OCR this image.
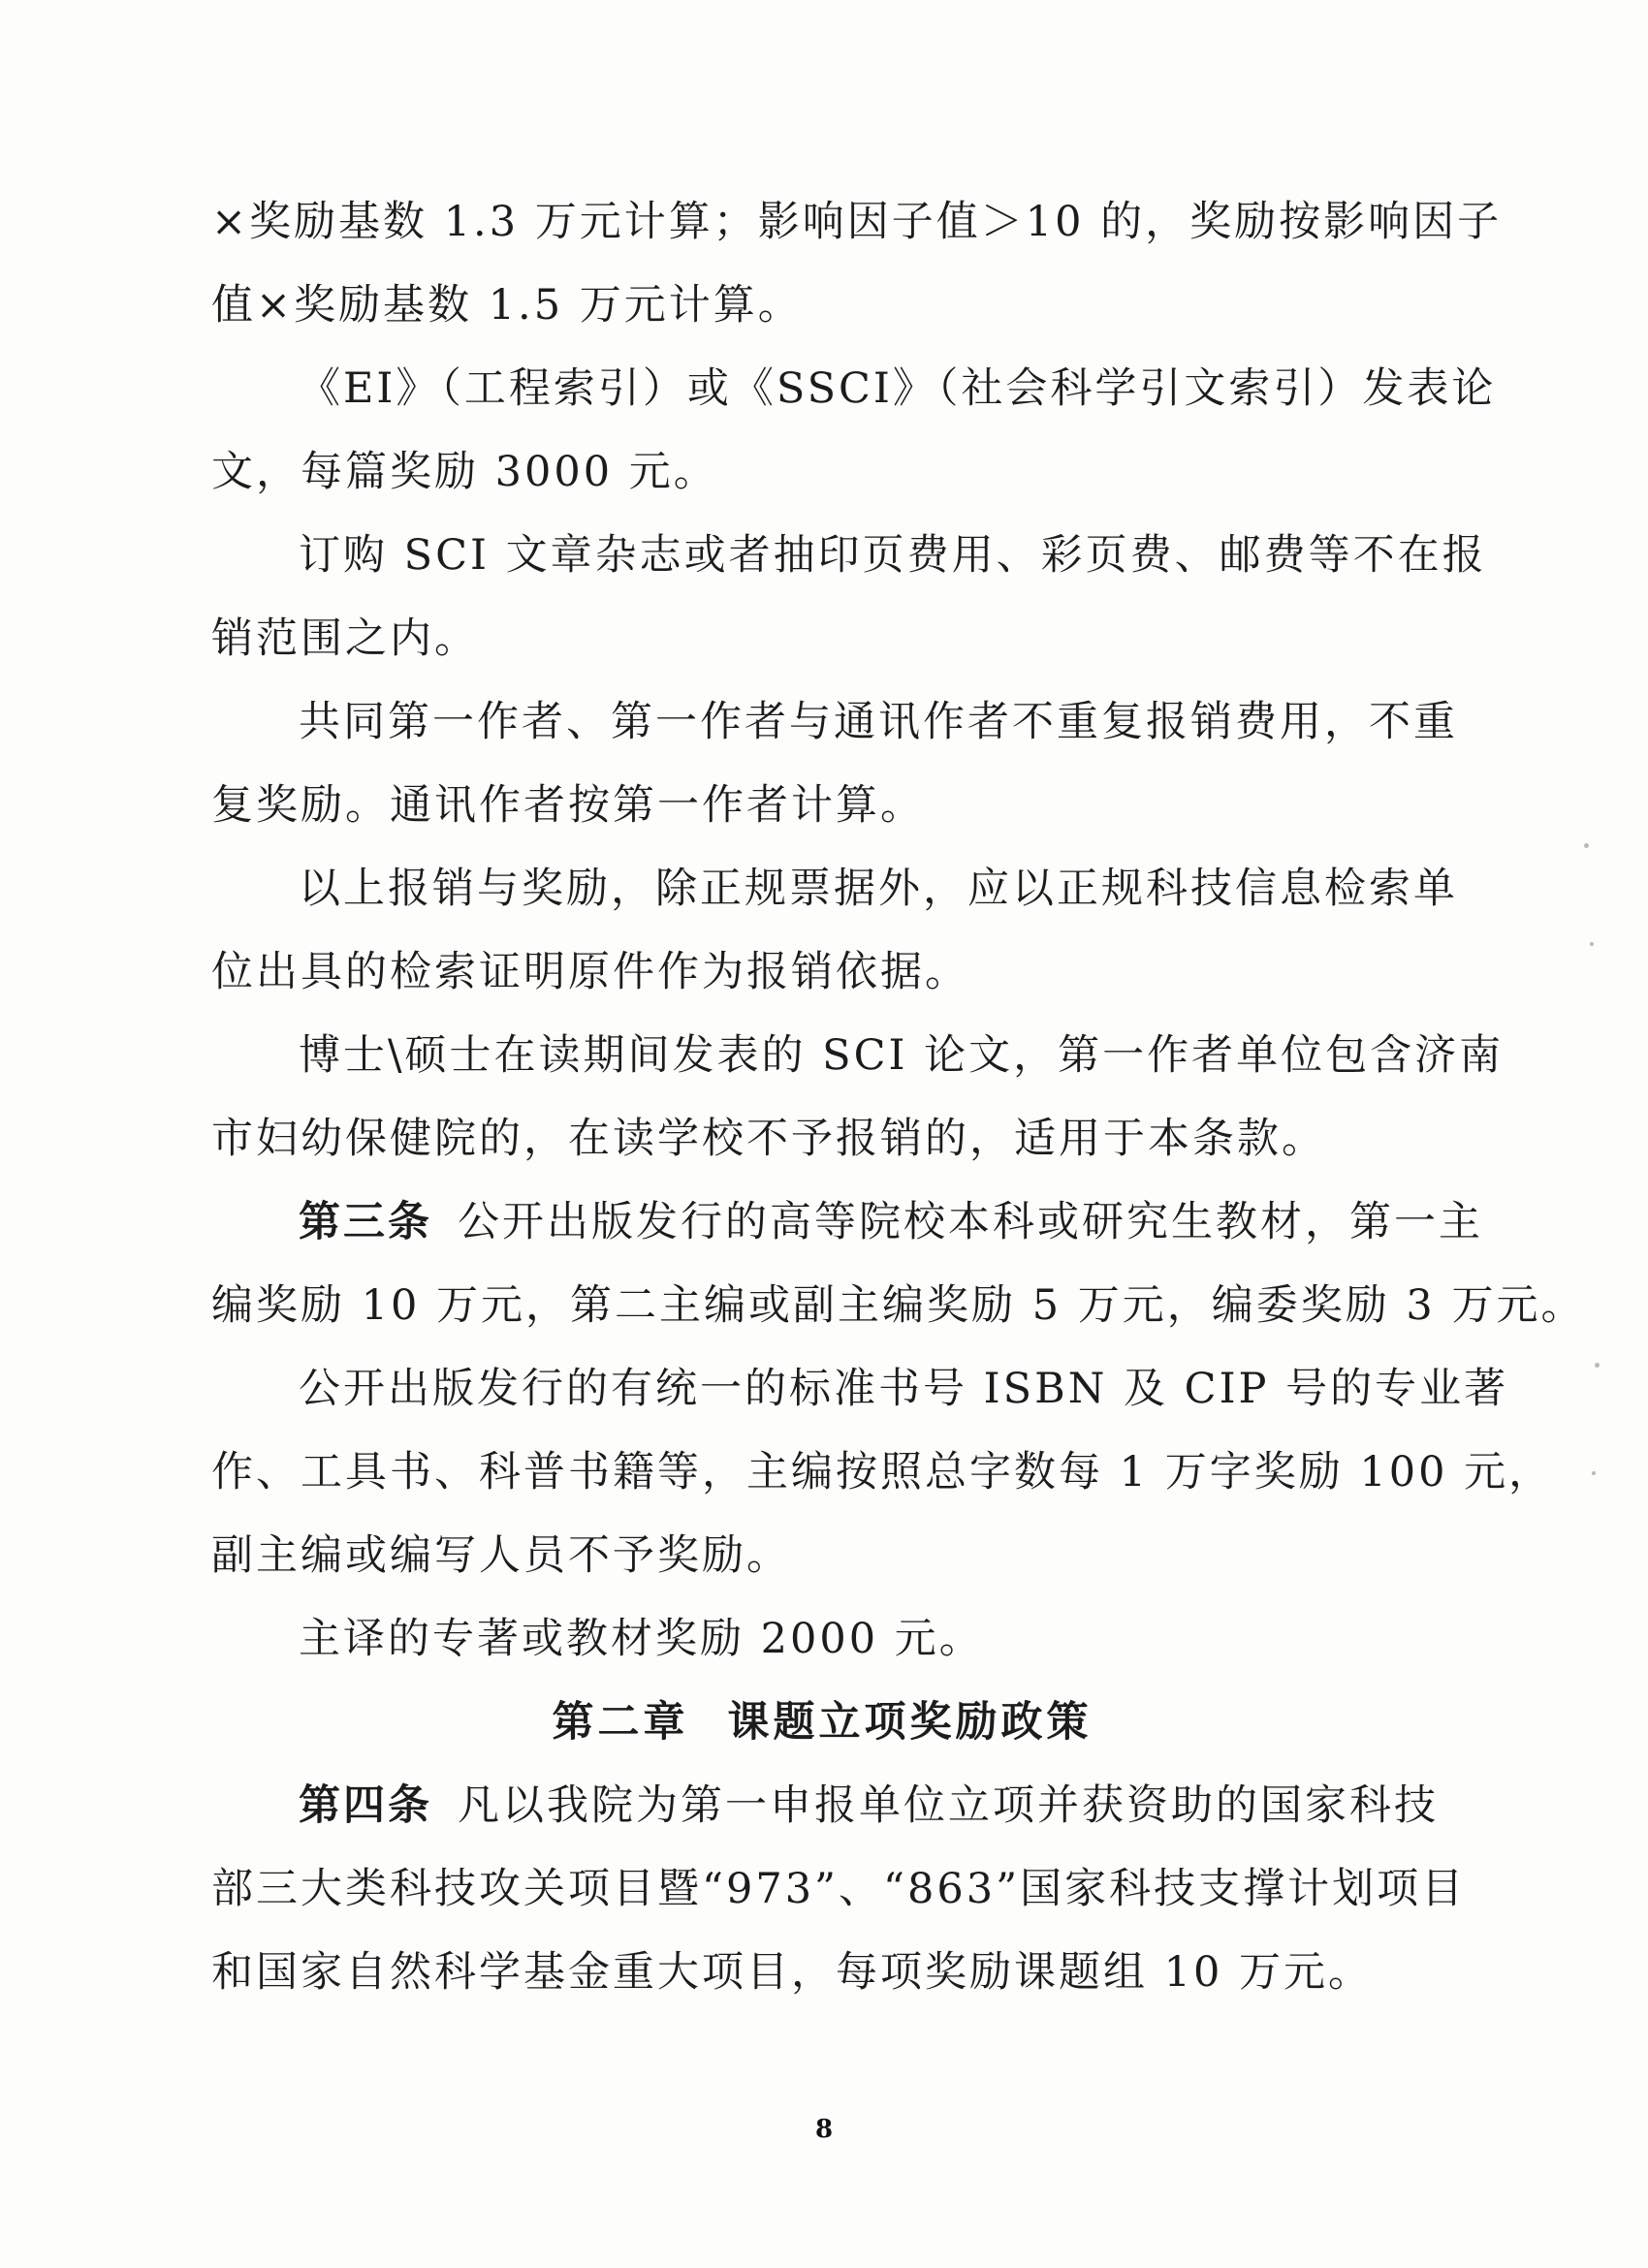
×奖励基数 1.3 万元计算；影响因子值＞10 的，奖励按影响因子
值×奖励基数 1.5 万元计算。
《EI》（工程索引）或《SSCI》（社会科学引文索引）发表论
文，每篇奖励 3000 元。
订购 SCI 文章杂志或者抽印页费用、彩页费、邮费等不在报
销范围之内。
共同第一作者、第一作者与通讯作者不重复报销费用，不重
复奖励。通讯作者按第一作者计算。
以上报销与奖励，除正规票据外，应以正规科技信息检索单
位出具的检索证明原件作为报销依据。
博士\硕士在读期间发表的 SCI 论文，第一作者单位包含济南
市妇幼保健院的，在读学校不予报销的，适用于本条款。
第三条 公开出版发行的高等院校本科或研究生教材，第一主
编奖励 10 万元，第二主编或副主编奖励 5 万元，编委奖励 3 万元。
公开出版发行的有统一的标准书号 ISBN 及 CIP 号的专业著
作、工具书、科普书籍等，主编按照总字数每 1 万字奖励 100 元，
副主编或编写人员不予奖励。
主译的专著或教材奖励 2000 元。
第二章 课题立项奖励政策
第四条 凡以我院为第一申报单位立项并获资助的国家科技
部三大类科技攻关项目暨“973”、“863”国家科技支撑计划项目
和国家自然科学基金重大项目，每项奖励课题组 10 万元。
8
